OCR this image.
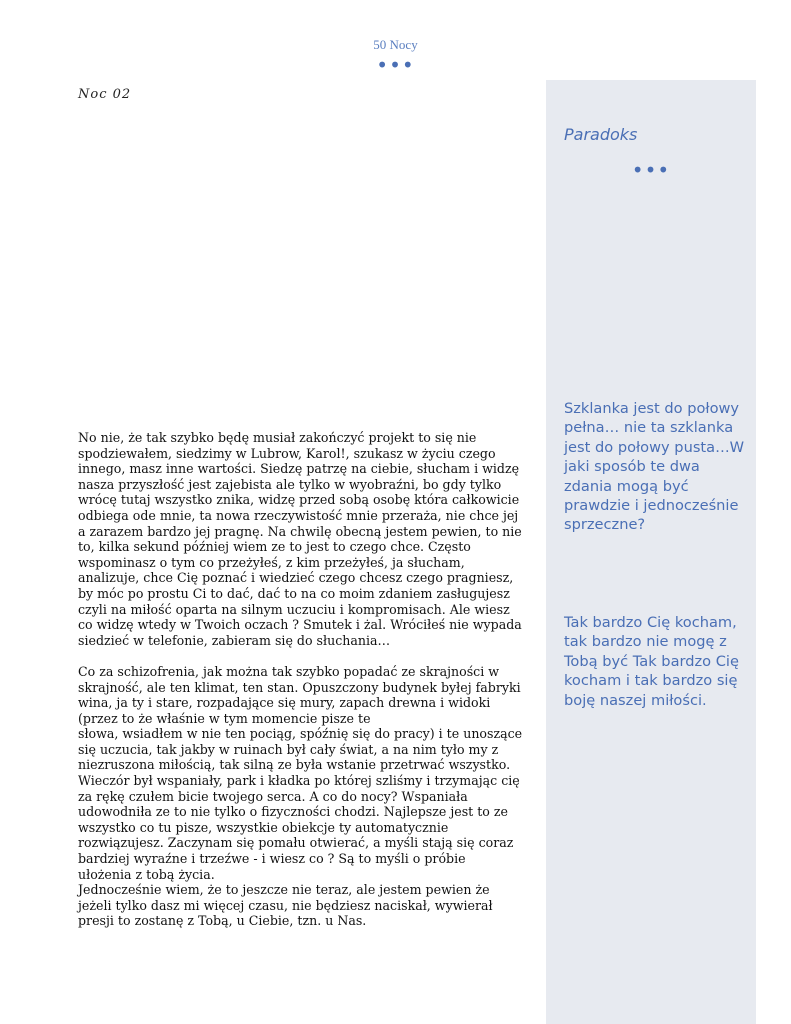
50 Nocy
•••
Noc 02

No nie, że tak szybko będę musiał zakończyć projekt to się nie spodziewałem, siedzimy w Lubrow, Karol!, szukasz w życiu czego innego, masz inne wartości. Siedzę patrzę na ciebie, słucham i widzę nasza przyszłość jest zajebista ale tylko w wyobraźni, bo gdy tylko wrócę tutaj wszystko znika, widzę przed sobą osobę która całkowicie odbiega ode mnie, ta nowa rzeczywistość mnie przeraża, nie chce jej a zarazem bardzo jej pragnę. Na chwilę obecną jestem pewien, to nie to, kilka sekund później wiem ze to jest to czego chce. Często wspominasz o tym co przeżyłeś, z kim przeżyłeś, ja słucham, analizuje, chce Cię poznać i wiedzieć czego chcesz czego pragniesz, by móc po prostu Ci to dać, dać to na co moim zdaniem zasługujesz czyli na miłość oparta na silnym uczuciu i kompromisach. Ale wiesz co widzę wtedy w Twoich oczach ? Smutek i żal. Wróciłeś nie wypada siedzieć w telefonie, zabieram się do słuchania…

Co za schizofrenia, jak można tak szybko popadać ze skrajności w skrajność, ale ten klimat, ten stan. Opuszczony budynek byłej fabryki wina, ja ty i stare, rozpadające się mury, zapach drewna i widoki (przez to że właśnie w tym momencie pisze te
słowa, wsiadłem w nie ten pociąg, spóźnię się do pracy) i te unoszące się uczucia, tak jakby w ruinach był cały świat, a na nim tyło my z niezruszona miłością, tak silną ze była wstanie przetrwać wszystko. Wieczór był wspaniały, park i kładka po której szliśmy i trzymając cię za rękę czułem bicie twojego serca. A co do nocy? Wspaniała udowodniła ze to nie tylko o fizyczności chodzi. Najlepsze jest to ze wszystko co tu pisze, wszystkie obiekcje ty automatycznie rozwiązujesz. Zaczynam się pomału otwierać, a myśli stają się coraz bardziej wyraźne i trzeźwe - i wiesz co ? Są to myśli o próbie ułożenia z tobą życia.
Jednocześnie wiem, że to jeszcze nie teraz, ale jestem pewien że jeżeli tylko dasz mi więcej czasu, nie będziesz naciskał, wywierał presji to zostanę z Tobą, u Ciebie, tzn. u Nas.

Paradoks
•••
Szklanka jest do połowy pełna… nie ta szklanka jest do połowy pusta…W jaki sposób te dwa zdania mogą być prawdzie i jednocześnie sprzeczne?
Tak bardzo Cię kocham, tak bardzo nie mogę z Tobą być Tak bardzo Cię kocham i tak bardzo się boję naszej miłości.
